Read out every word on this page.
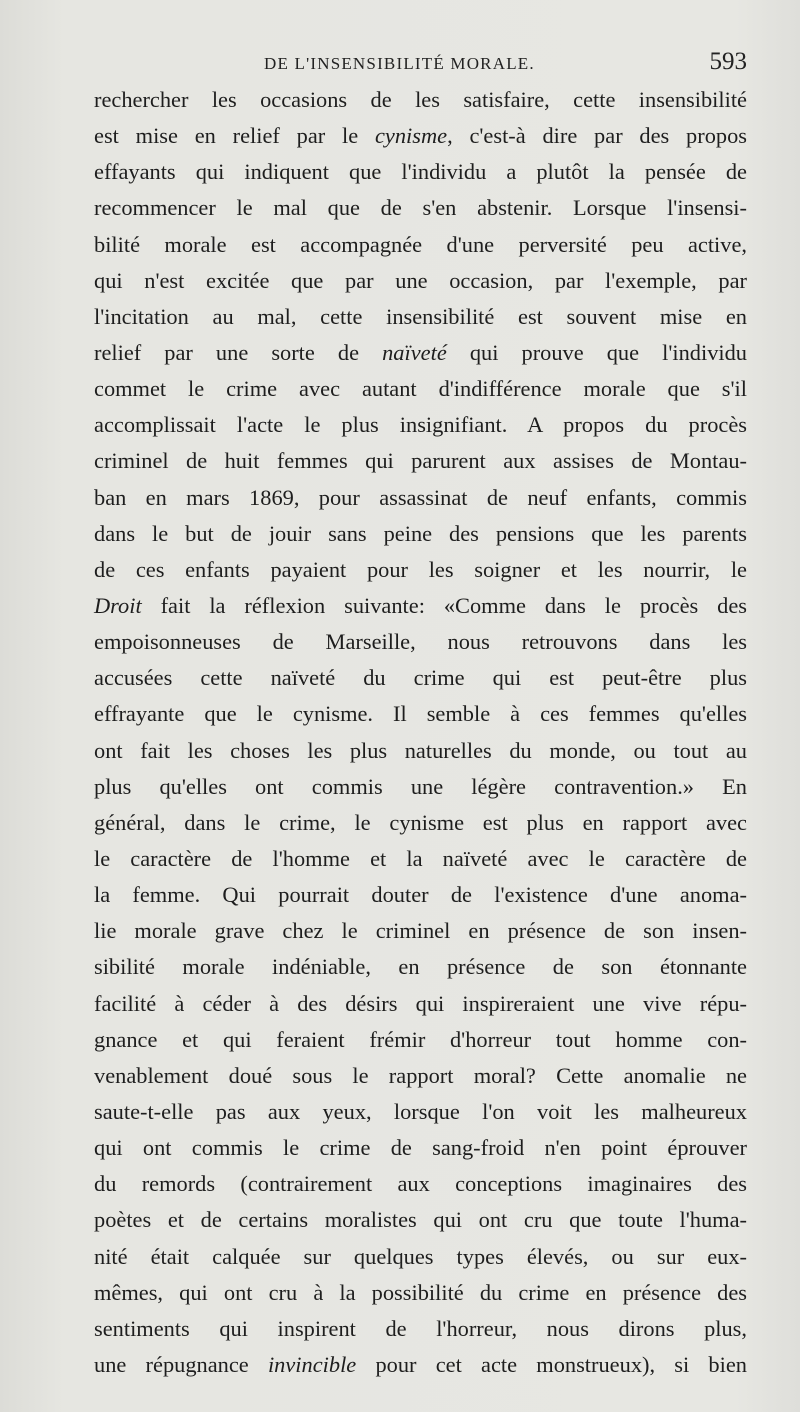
DE L'INSENSIBILITÉ MORALE.	593
rechercher les occasions de les satisfaire, cette insensibilité
est mise en relief par le cynisme, c'est-à dire par des propos
effayants qui indiquent que l'individu a plutôt la pensée de
recommencer le mal que de s'en abstenir. Lorsque l'insensi-
bilité morale est accompagnée d'une perversité peu active,
qui n'est excitée que par une occasion, par l'exemple, par
l'incitation au mal, cette insensibilité est souvent mise en
relief par une sorte de naïveté qui prouve que l'individu
commet le crime avec autant d'indifférence morale que s'il
accomplissait l'acte le plus insignifiant. A propos du procès
criminel de huit femmes qui parurent aux assises de Montau-
ban en mars 1869, pour assassinat de neuf enfants, commis
dans le but de jouir sans peine des pensions que les parents
de ces enfants payaient pour les soigner et les nourrir, le
Droit fait la réflexion suivante: «Comme dans le procès des
empoisonneuses de Marseille, nous retrouvons dans les
accusées cette naïveté du crime qui est peut-être plus
effrayante que le cynisme. Il semble à ces femmes qu'elles
ont fait les choses les plus naturelles du monde, ou tout au
plus qu'elles ont commis une légère contravention.» En
général, dans le crime, le cynisme est plus en rapport avec
le caractère de l'homme et la naïveté avec le caractère de
la femme. Qui pourrait douter de l'existence d'une anoma-
lie morale grave chez le criminel en présence de son insen-
sibilité morale indéniable, en présence de son étonnante
facilité à céder à des désirs qui inspireraient une vive répu-
gnance et qui feraient frémir d'horreur tout homme con-
venablement doué sous le rapport moral? Cette anomalie ne
saute-t-elle pas aux yeux, lorsque l'on voit les malheureux
qui ont commis le crime de sang-froid n'en point éprouver
du remords (contrairement aux conceptions imaginaires des
poètes et de certains moralistes qui ont cru que toute l'huma-
nité était calquée sur quelques types élevés, ou sur eux-
mêmes, qui ont cru à la possibilité du crime en présence des
sentiments qui inspirent de l'horreur, nous dirons plus,
une répugnance invincible pour cet acte monstrueux), si bien
